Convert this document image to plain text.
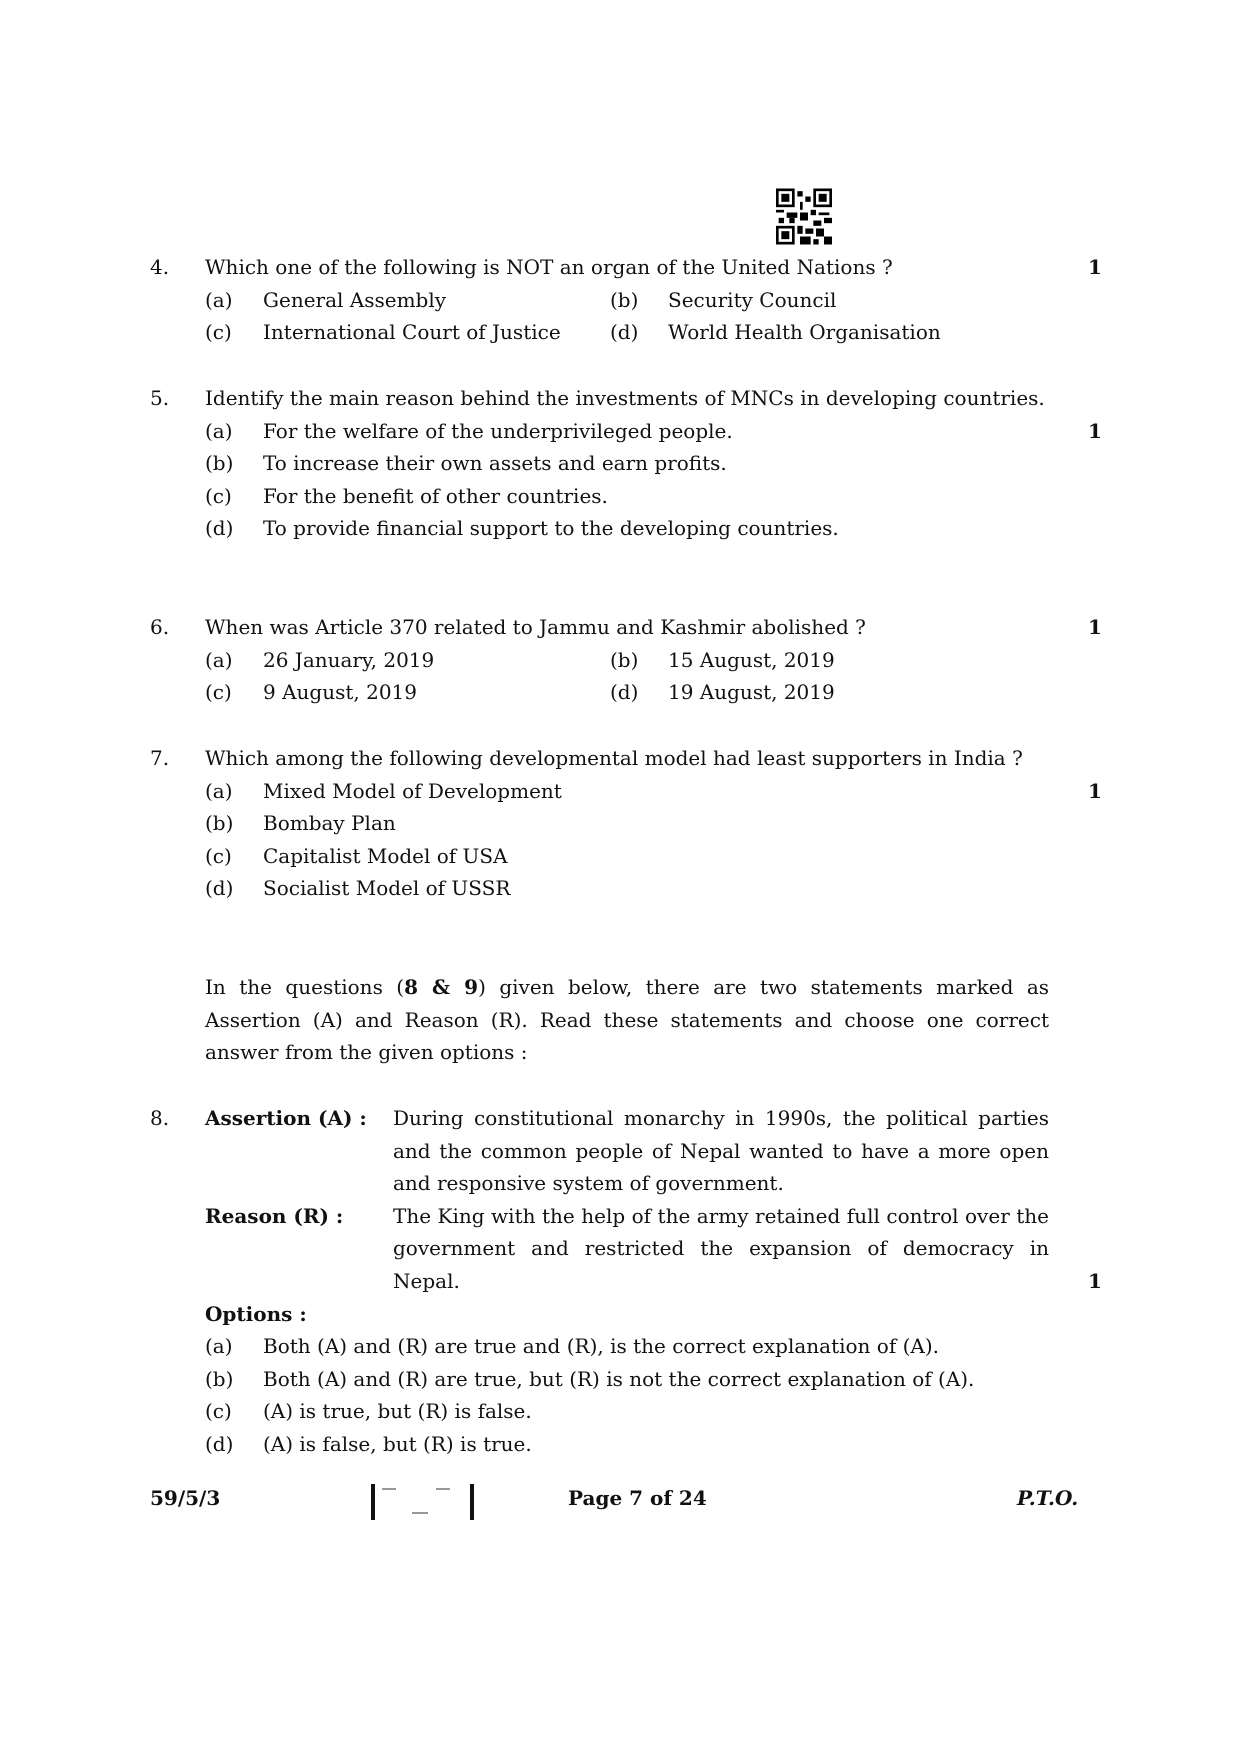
4. Which one of the following is NOT an organ of the United Nations ?
(a)	General Assembly	(b)	Security Council
(c)	International Court of Justice	(d)	World Health Organisation
1
5. Identify the main reason behind the investments of MNCs in developing countries.
(a)	For the welfare of the underprivileged people.
(b)	To increase their own assets and earn profits.
(c)	For the benefit of other countries.
(d)	To provide financial support to the developing countries.
1
6. When was Article 370 related to Jammu and Kashmir abolished ?
(a)	26 January, 2019	(b)	15 August, 2019
(c)	9 August, 2019	(d)	19 August, 2019
1
7. Which among the following developmental model had least supporters in India ?
(a)	Mixed Model of Development
(b)	Bombay Plan
(c)	Capitalist Model of USA
(d)	Socialist Model of USSR
1
In the questions (8 & 9) given below, there are two statements marked as Assertion (A) and Reason (R). Read these statements and choose one correct answer from the given options :
8. Assertion (A) :	During constitutional monarchy in 1990s, the political parties and the common people of Nepal wanted to have a more open and responsive system of government.
Reason (R) :	The King with the help of the army retained full control over the government and restricted the expansion of democracy in Nepal.
Options :
(a)	Both (A) and (R) are true and (R), is the correct explanation of (A).
(b)	Both (A) and (R) are true, but (R) is not the correct explanation of (A).
(c)	(A) is true, but (R) is false.
(d)	(A) is false, but (R) is true.
1
59/5/3	Page 7 of 24	P.T.O.
